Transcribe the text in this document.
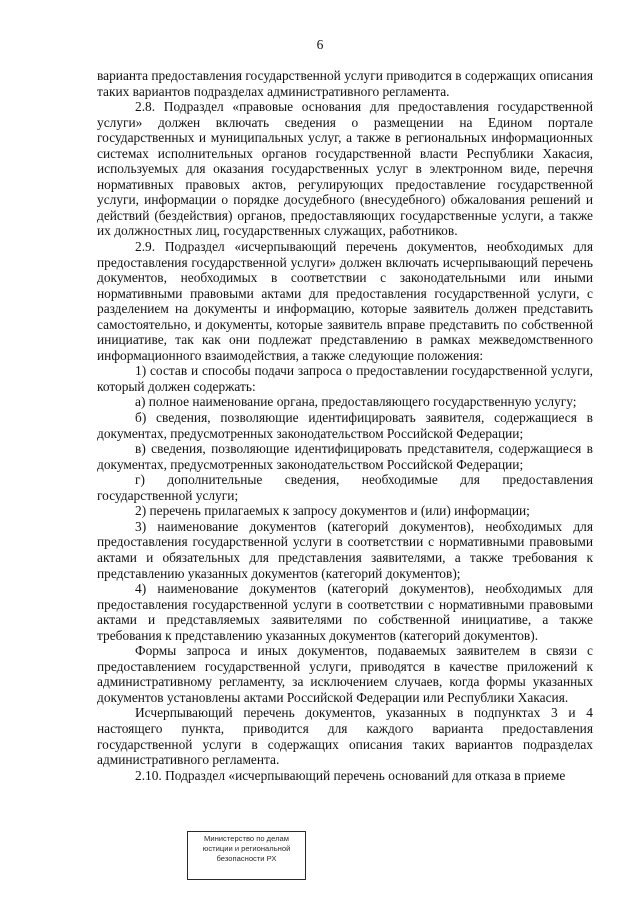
6

варианта предоставления государственной услуги приводится в содержащих описания таких вариантов подразделах административного регламента.

2.8. Подраздел «правовые основания для предоставления государственной услуги» должен включать сведения о размещении на Едином портале государственных и муниципальных услуг, а также в региональных информационных системах исполнительных органов государственной власти Республики Хакасия, используемых для оказания государственных услуг в электронном виде, перечня нормативных правовых актов, регулирующих предоставление государственной услуги, информации о порядке досудебного (внесудебного) обжалования решений и действий (бездействия) органов, предоставляющих государственные услуги, а также их должностных лиц, государственных служащих, работников.

2.9. Подраздел «исчерпывающий перечень документов, необходимых для предоставления государственной услуги» должен включать исчерпывающий перечень документов, необходимых в соответствии с законодательными или иными нормативными правовыми актами для предоставления государственной услуги, с разделением на документы и информацию, которые заявитель должен представить самостоятельно, и документы, которые заявитель вправе представить по собственной инициативе, так как они подлежат представлению в рамках межведомственного информационного взаимодействия, а также следующие положения:

1) состав и способы подачи запроса о предоставлении государственной услуги, который должен содержать:

а) полное наименование органа, предоставляющего государственную услугу;

б) сведения, позволяющие идентифицировать заявителя, содержащиеся в документах, предусмотренных законодательством Российской Федерации;

в) сведения, позволяющие идентифицировать представителя, содержащиеся в документах, предусмотренных законодательством Российской Федерации;

г) дополнительные сведения, необходимые для предоставления государственной услуги;

2) перечень прилагаемых к запросу документов и (или) информации;

3) наименование документов (категорий документов), необходимых для предоставления государственной услуги в соответствии с нормативными правовыми актами и обязательных для представления заявителями, а также требования к представлению указанных документов (категорий документов);

4) наименование документов (категорий документов), необходимых для предоставления государственной услуги в соответствии с нормативными правовыми актами и представляемых заявителями по собственной инициативе, а также требования к представлению указанных документов (категорий документов).

Формы запроса и иных документов, подаваемых заявителем в связи с предоставлением государственной услуги, приводятся в качестве приложений к административному регламенту, за исключением случаев, когда формы указанных документов установлены актами Российской Федерации или Республики Хакасия.

Исчерпывающий перечень документов, указанных в подпунктах 3 и 4 настоящего пункта, приводится для каждого варианта предоставления государственной услуги в содержащих описания таких вариантов подразделах административного регламента.

2.10. Подраздел «исчерпывающий перечень оснований для отказа в приеме

Министерство по делам
юстиции и региональной
безопасности РХ
